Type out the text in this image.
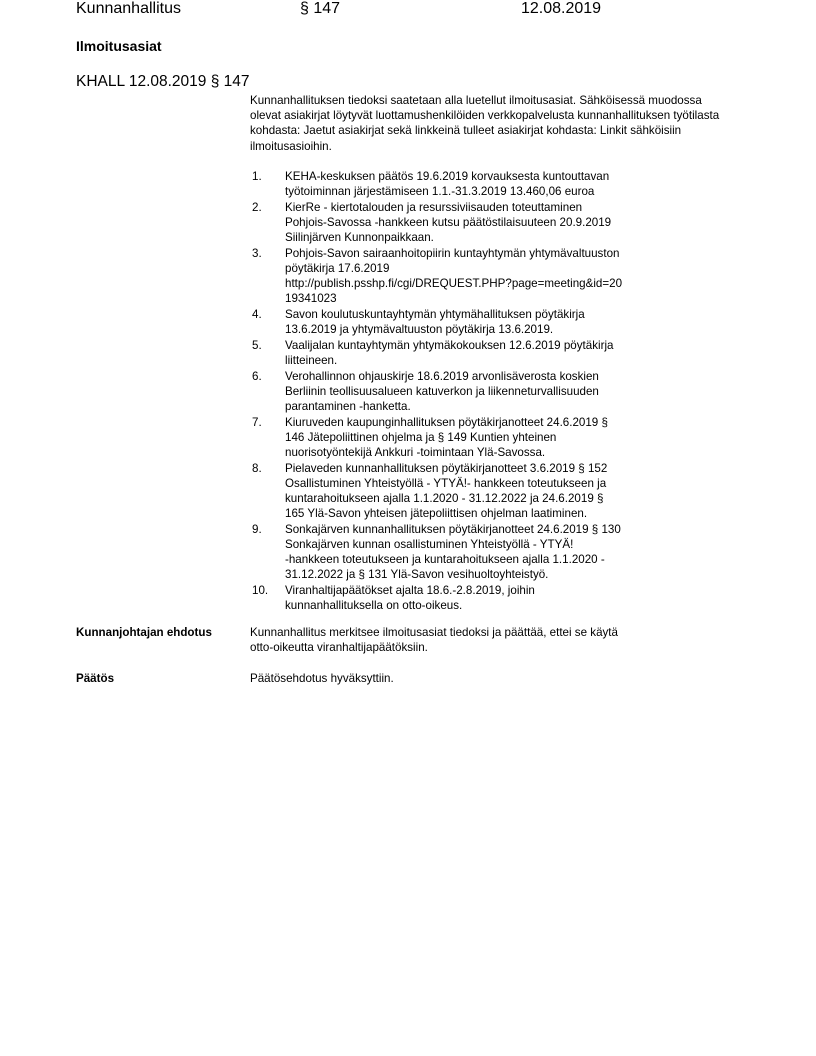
Kunnanhallitus	§ 147	12.08.2019
Ilmoitusasiat
KHALL 12.08.2019 § 147

Kunnanhallituksen tiedoksi saatetaan alla luetellut ilmoitusasiat. Sähköisessä muodossa olevat asiakirjat löytyvät luottamushenkilöiden verkkopalvelusta kunnanhallituksen työtilasta kohdasta: Jaetut asiakirjat sekä linkkeinä tulleet asiakirjat kohdasta: Linkit sähköisiin ilmoitusasioihin.

1. KEHA-keskuksen päätös 19.6.2019 korvauksesta kuntouttavan
työtoiminnan järjestämiseen 1.1.-31.3.2019 13.460,06 euroa
2. KierRe - kiertotalouden ja resurssiviisauden toteuttaminen
Pohjois-Savossa -hankkeen kutsu päätöstilaisuuteen 20.9.2019
Siilinjärven Kunnonpaikkaan.
3. Pohjois-Savon sairaanhoitopiirin kuntayhtymän yhtymävaltuuston
pöytäkirja 17.6.2019
http://publish.psshp.fi/cgi/DREQUEST.PHP?page=meeting&id=20
19341023
4. Savon koulutuskuntayhtymän yhtymähallituksen pöytäkirja
13.6.2019 ja yhtymävaltuuston pöytäkirja 13.6.2019.
5. Vaalijalan kuntayhtymän yhtymäkokouksen 12.6.2019 pöytäkirja
liitteineen.
6. Verohallinnon ohjauskirje 18.6.2019 arvonlisäverosta koskien
Berliinin teollisuusalueen katuverkon ja liikenneturvallisuuden
parantaminen -hanketta.
7. Kiuruveden kaupunginhallituksen pöytäkirjanotteet 24.6.2019 §
146 Jätepoliittinen ohjelma ja § 149 Kuntien yhteinen
nuorisotyöntekijä Ankkuri -toimintaan Ylä-Savossa.
8. Pielaveden kunnanhallituksen pöytäkirjanotteet 3.6.2019 § 152
Osallistuminen Yhteistyöllä - YTYÄ!- hankkeen toteutukseen ja
kuntarahoitukseen ajalla 1.1.2020 - 31.12.2022 ja 24.6.2019 §
165 Ylä-Savon yhteisen jätepoliittisen ohjelman laatiminen.
9. Sonkajärven kunnanhallituksen pöytäkirjanotteet 24.6.2019 § 130
Sonkajärven kunnan osallistuminen Yhteistyöllä - YTYÄ!
-hankkeen toteutukseen ja kuntarahoitukseen ajalla 1.1.2020 -
31.12.2022 ja § 131 Ylä-Savon vesihuoltoyhteistyö.
10. Viranhaltijapäätökset ajalta 18.6.-2.8.2019, joihin
kunnanhallituksella on otto-oikeus.
Kunnanjohtajan ehdotus	Kunnanhallitus merkitsee ilmoitusasiat tiedoksi ja päättää, ettei se käytä
otto-oikeutta viranhaltijapäätöksiin.
Päätös	Päätösehdotus hyväksyttiin.
